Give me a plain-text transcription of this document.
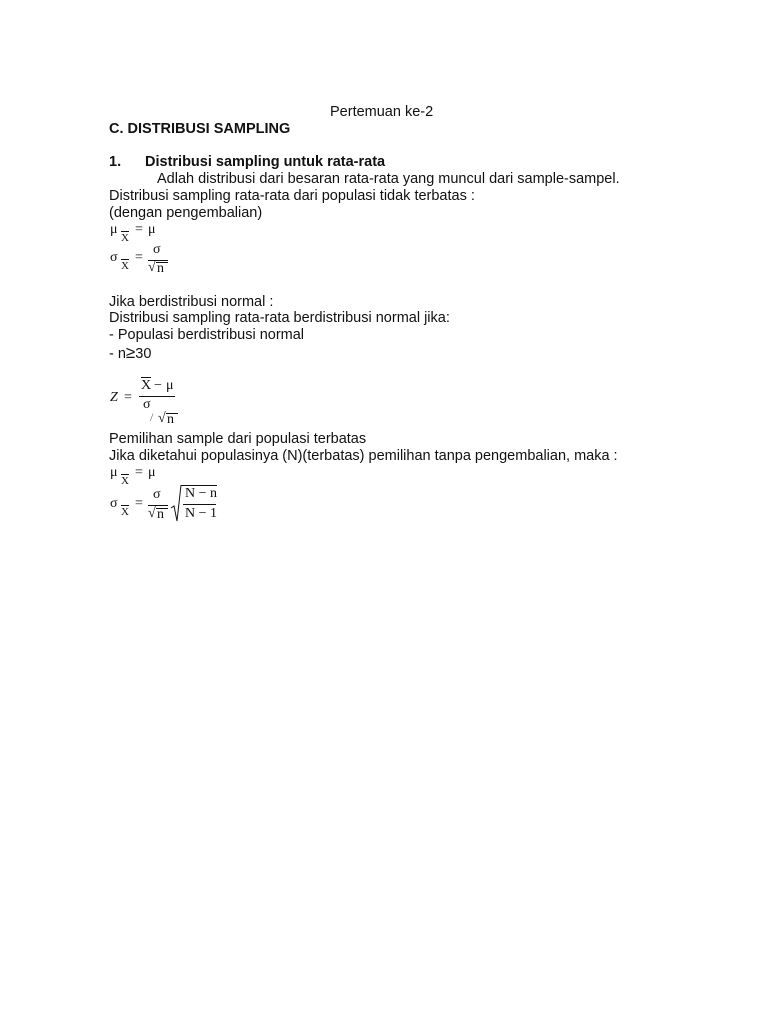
Pertemuan ke-2
C. DISTRIBUSI SAMPLING
1. Distribusi sampling untuk rata-rata
Adlah distribusi dari besaran rata-rata yang muncul dari sample-sampel.
Distribusi sampling rata-rata dari populasi tidak terbatas :
(dengan pengembalian)
μ
X
= μ
σ
X
=
σ
√ n
Jika berdistribusi normal :
Distribusi sampling rata-rata berdistribusi normal jika:
- Populasi berdistribusi normal
- n≥30
Z =
X − μ
σ
/ √ n
Pemilihan sample dari populasi terbatas
Jika diketahui populasinya (N)(terbatas) pemilihan tanpa pengembalian, maka :
μ
X
= μ
σ
X
=
σ
√ n
N − n
N − 1
